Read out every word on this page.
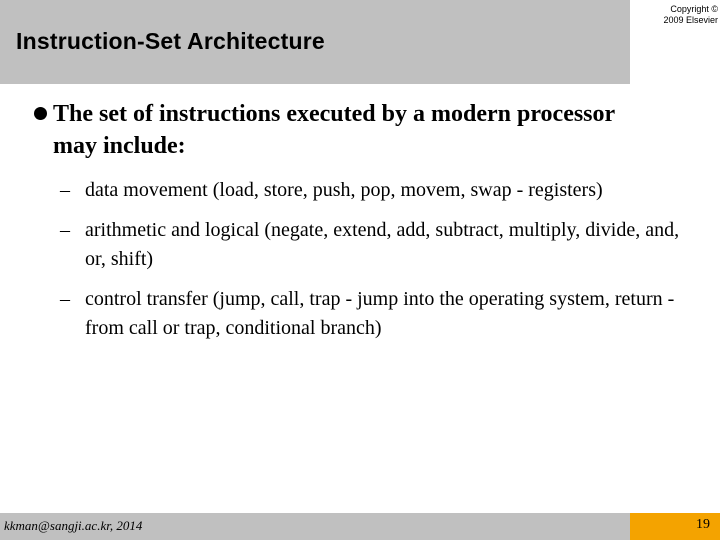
Instruction-Set Architecture
Copyright ©
2009 Elsevier
The set of instructions executed by a modern processor may include:
– data movement (load, store, push, pop, movem, swap - registers)
– arithmetic and logical (negate, extend, add, subtract, multiply, divide, and, or, shift)
– control transfer (jump, call, trap - jump into the operating system, return - from call or trap, conditional branch)
kkman@sangji.ac.kr, 2014	19
